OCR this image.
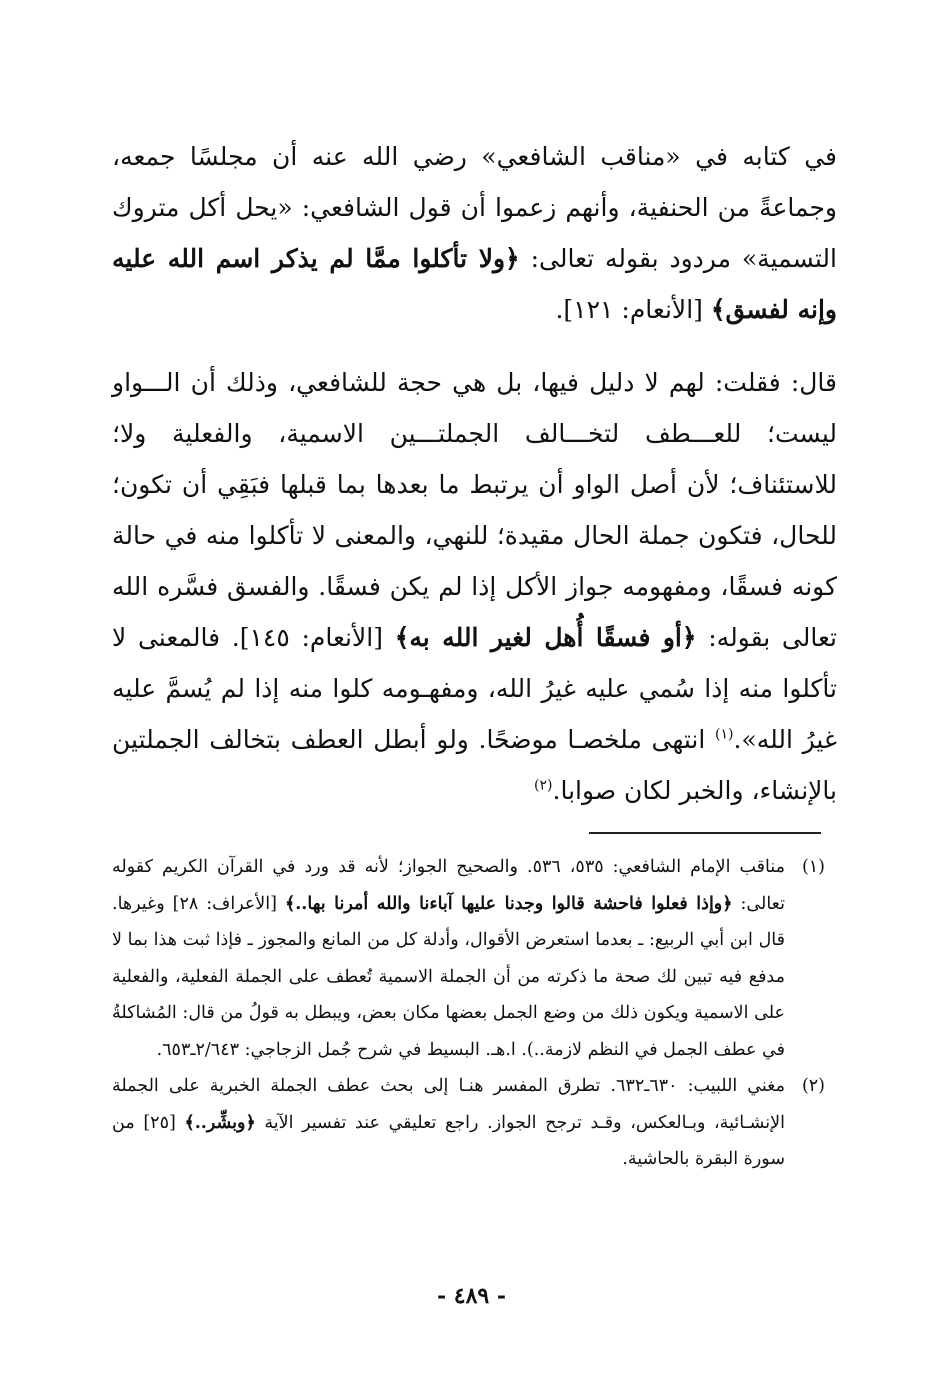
في كتابه في «مناقب الشافعي» رضي الله عنه أن مجلسًا جمعه، وجماعةً من الحنفية، وأنهم زعموا أن قول الشافعي: «يحل أكل متروك التسمية» مردود بقوله تعالى: ﴿ولا تأكلوا ممَّا لم يذكر اسم الله عليه وإنه لفسق﴾ [الأنعام: ١٢١].
قال: فقلت: لهم لا دليل فيها، بل هي حجة للشافعي، وذلك أن الـــواو ليست؛ للعـــطف لتخـــالف الجملتـــين الاسمية، والفعلية ولا؛ للاستئناف؛ لأن أصل الواو أن يرتبط ما بعدها بما قبلها فبَقِي أن تكون؛ للحال، فتكون جملة الحال مقيدة؛ للنهي، والمعنى لا تأكلوا منه في حالة كونه فسقًا، ومفهومه جواز الأكل إذا لم يكن فسقًا. والفسق فسَّره الله تعالى بقوله: ﴿أو فسقًا أُهل لغير الله به﴾ [الأنعام: ١٤٥]. فالمعنى لا تأكلوا منه إذا سُمي عليه غيرُ الله، ومفهـومه كلوا منه إذا لم يُسمَّ عليه غيرُ الله».$^{(١)}$ انتهى ملخصـا موضحًا. ولو أبطل العطف بتخالف الجملتين بالإنشاء، والخبر لكان صوابا.$^{(٢)}$
(١)
مناقب الإمام الشافعي: ٥٣٥، ٥٣٦. والصحيح الجواز؛ لأنه قد ورد في القرآن الكريم كقوله تعالى: ﴿وإذا فعلوا فاحشة قالوا وجدنا عليها آباءنا والله أمرنا بها..﴾ [الأعراف: ٢٨] وغيرها. قال ابن أبي الربيع: ـ بعدما استعرض الأقوال، وأدلة كل من المانع والمجوز ـ فإذا ثبت هذا بما لا مدفع فيه تبين لك صحة ما ذكرته من أن الجملة الاسمية تُعطف على الجملة الفعلية، والفعلية على الاسمية ويكون ذلك من وضع الجمل بعضها مكان بعض، ويبطل به قولُ من قال: المُشاكلةُ في عطف الجمل في النظم لازمة..). ا.هـ. البسيط في شرح جُمل الزجاجي: ٢/٦٤٣ـ٦٥٣.
(٢)
مغني اللبيب: ٦٣٠ـ٦٣٢. تطرق المفسر هنـا إلى بحث عطف الجملة الخبرية على الجملة الإنشـائية، وبـالعكس، وقـد ترجح الجواز. راجع تعليقي عند تفسير الآية ﴿وبشِّر..﴾ [٢٥] من سورة البقرة بالحاشية.
- ٤٨٩ -
